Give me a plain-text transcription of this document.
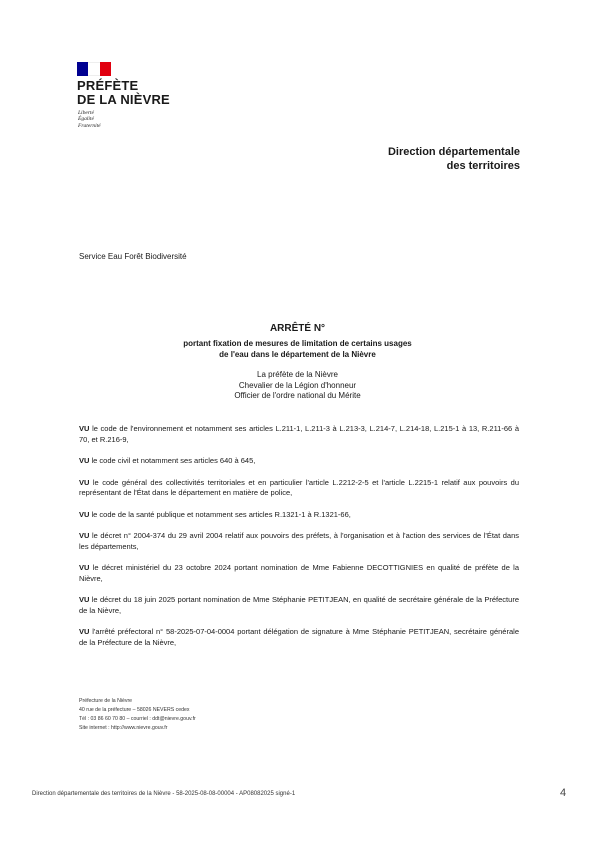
PRÉFÈTE
DE LA NIÈVRE
Liberté
Égalité
Fraternité
Direction départementale
des territoires
Service Eau Forêt Biodiversité
ARRÊTÉ N°
portant fixation de mesures de limitation de certains usages
de l'eau dans le département de la Nièvre
La préfète de la Nièvre
Chevalier de la Légion d'honneur
Officier de l'ordre national du Mérite

VU le code de l'environnement et notamment ses articles L.211-1, L.211-3 à L.213-3, L.214-7, L.214-18, L.215-1 à 13, R.211-66 à 70, et R.216-9,

VU le code civil et notamment ses articles 640 à 645,

VU le code général des collectivités territoriales et en particulier l'article L.2212-2-5 et l'article L.2215-1 relatif aux pouvoirs du représentant de l'État dans le département en matière de police,

VU le code de la santé publique et notamment ses articles R.1321-1 à R.1321-66,

VU le décret n° 2004-374 du 29 avril 2004 relatif aux pouvoirs des préfets, à l'organisation et à l'action des services de l'État dans les départements,

VU le décret ministériel du 23 octobre 2024 portant nomination de Mme Fabienne DECOTTIGNIES en qualité de préfète de la Nièvre,

VU le décret du 18 juin 2025 portant nomination de Mme Stéphanie PETITJEAN, en qualité de secrétaire générale de la Préfecture de la Nièvre,

VU l'arrêté préfectoral n° 58-2025-07-04-0004 portant délégation de signature à Mme Stéphanie PETITJEAN, secrétaire générale de la Préfecture de la Nièvre,

Préfecture de la Nièvre
40 rue de la préfecture – 58026 NEVERS cedex
Tél : 03 86 60 70 80 – courriel : ddt@nievre.gouv.fr
Site internet : http://www.nievre.gouv.fr
Direction départementale des territoires de la Nièvre - 58-2025-08-08-00004 - AP08082025 signé-1	4
